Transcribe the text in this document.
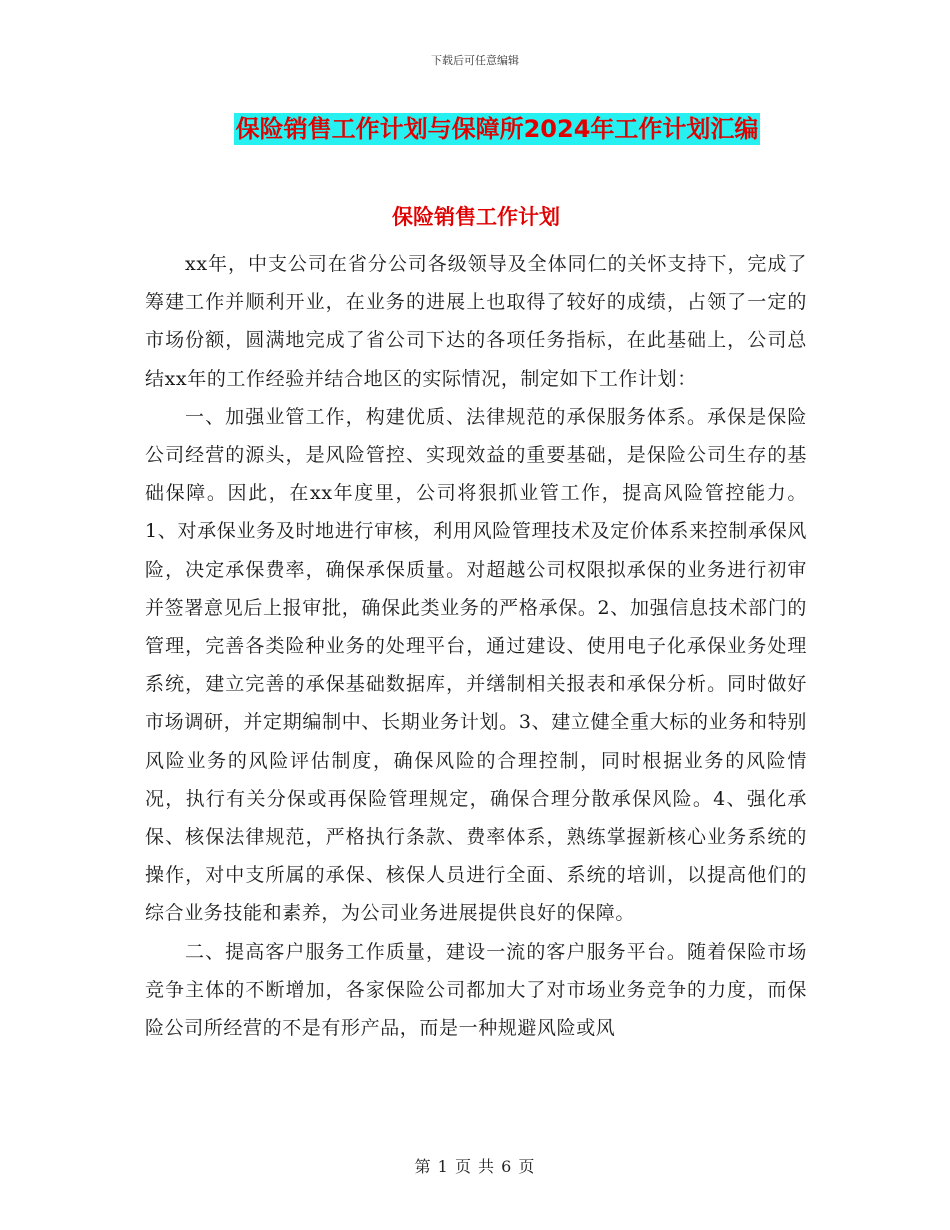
下载后可任意编辑
保险销售工作计划与保障所2024年工作计划汇编
保险销售工作计划

xx年，中支公司在省分公司各级领导及全体同仁的关怀支持下，完成了筹建工作并顺利开业，在业务的进展上也取得了较好的成绩，占领了一定的市场份额，圆满地完成了省公司下达的各项任务指标，在此基础上，公司总结xx年的工作经验并结合地区的实际情况，制定如下工作计划：

一、加强业管工作，构建优质、法律规范的承保服务体系。承保是保险公司经营的源头，是风险管控、实现效益的重要基础，是保险公司生存的基础保障。因此，在xx年度里，公司将狠抓业管工作，提高风险管控能力。1、对承保业务及时地进行审核，利用风险管理技术及定价体系来控制承保风险，决定承保费率，确保承保质量。对超越公司权限拟承保的业务进行初审并签署意见后上报审批，确保此类业务的严格承保。2、加强信息技术部门的管理，完善各类险种业务的处理平台，通过建设、使用电子化承保业务处理系统，建立完善的承保基础数据库，并缮制相关报表和承保分析。同时做好市场调研，并定期编制中、长期业务计划。3、建立健全重大标的业务和特别风险业务的风险评估制度，确保风险的合理控制，同时根据业务的风险情况，执行有关分保或再保险管理规定，确保合理分散承保风险。4、强化承保、核保法律规范，严格执行条款、费率体系，熟练掌握新核心业务系统的操作，对中支所属的承保、核保人员进行全面、系统的培训，以提高他们的综合业务技能和素养，为公司业务进展提供良好的保障。

二、提高客户服务工作质量，建设一流的客户服务平台。随着保险市场竞争主体的不断增加，各家保险公司都加大了对市场业务竞争的力度，而保险公司所经营的不是有形产品，而是一种规避风险或风

第 1 页 共 6 页
